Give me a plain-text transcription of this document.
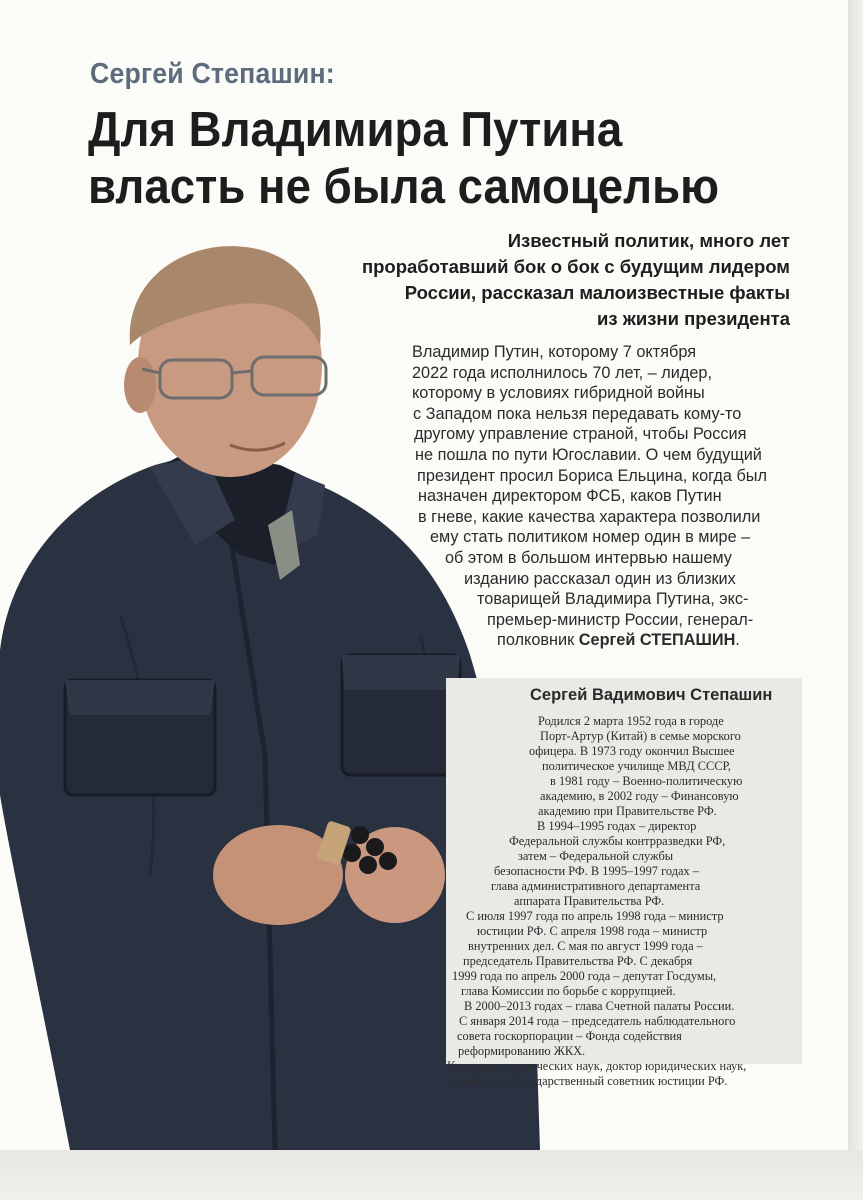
Сергей Степашин:
Для Владимира Путина
власть не была самоцелью
Известный политик, много лет
проработавший бок о бок с будущим лидером
России, рассказал малоизвестные факты
из жизни президента
Владимир Путин, которому 7 октября
2022 года исполнилось 70 лет, – лидер,
которому в условиях гибридной войны
с Западом пока нельзя передавать кому-то
другому управление страной, чтобы Россия
не пошла по пути Югославии. О чем будущий
президент просил Бориса Ельцина, когда был
назначен директором ФСБ, каков Путин
в гневе, какие качества характера позволили
ему стать политиком номер один в мире –
об этом в большом интервью нашему
изданию рассказал один из близких
товарищей Владимира Путина, экс-
премьер-министр России, генерал-
полковник Сергей СТЕПАШИН.
Сергей Вадимович Степашин
Родился 2 марта 1952 года в городе
Порт-Артур (Китай) в семье морского
офицера. В 1973 году окончил Высшее
политическое училище МВД СССР,
в 1981 году – Военно-политическую
академию, в 2002 году – Финансовую
академию при Правительстве РФ.
В 1994–1995 годах – директор
Федеральной службы контрразведки РФ,
затем – Федеральной службы
безопасности РФ. В 1995–1997 годах –
глава административного департамента
аппарата Правительства РФ.
С июля 1997 года по апрель 1998 года – министр
юстиции РФ. С апреля 1998 года – министр
внутренних дел. С мая по август 1999 года –
председатель Правительства РФ. С декабря
1999 года по апрель 2000 года – депутат Госдумы,
глава Комиссии по борьбе с коррупцией.
В 2000–2013 годах – глава Счетной палаты России.
С января 2014 года – председатель наблюдательного
совета госкорпорации – Фонда содействия
реформированию ЖКХ.
Кандидат исторических наук, доктор юридических наук,
профессор. Государственный советник юстиции РФ.
